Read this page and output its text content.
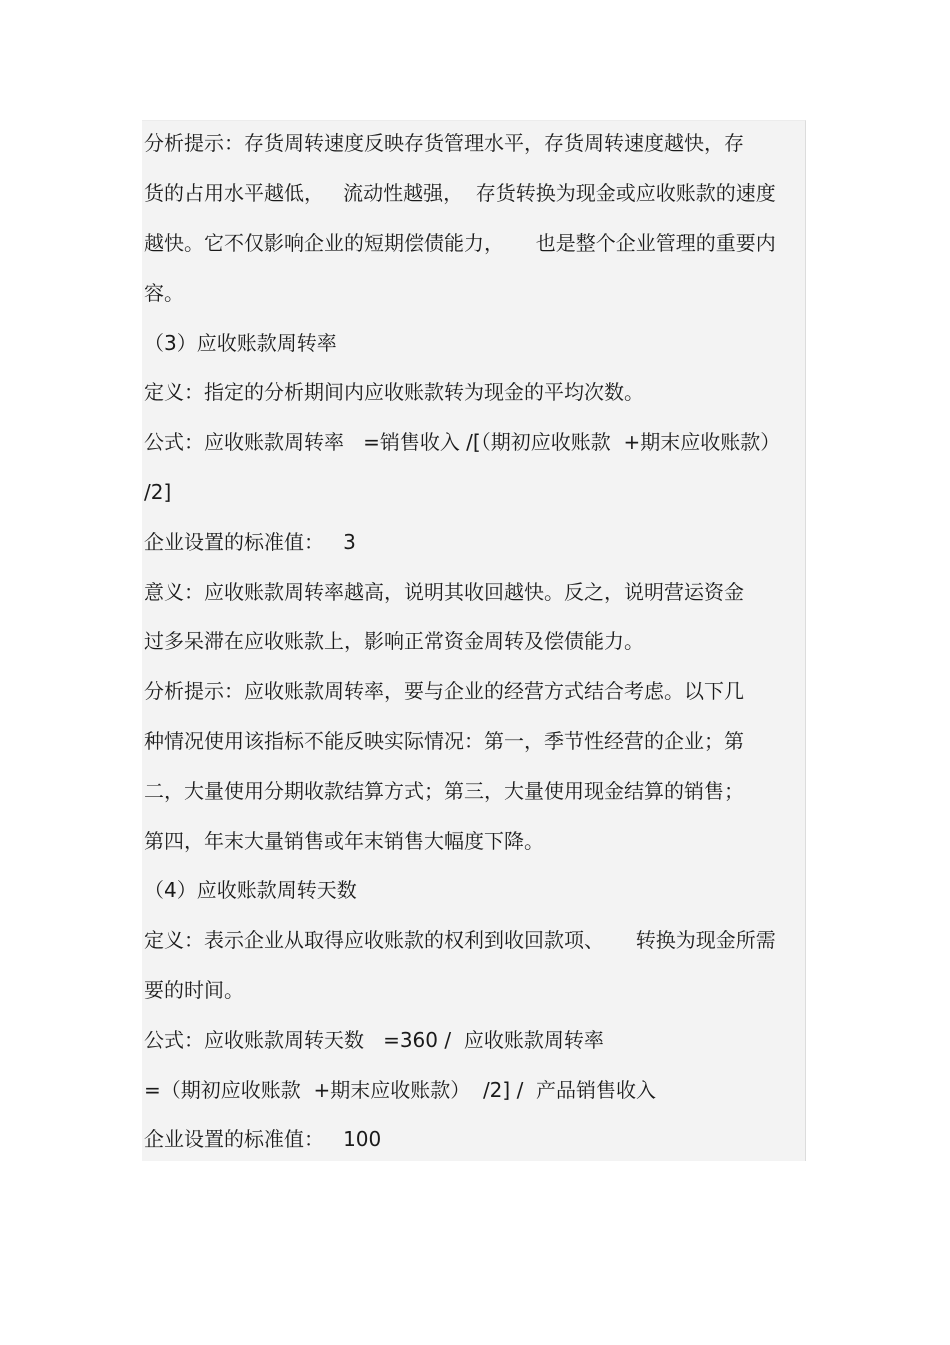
分析提示：存货周转速度反映存货管理水平，存货周转速度越快，存
货的占用水平越低，   流动性越强，  存货转换为现金或应收账款的速度
越快。它不仅影响企业的短期偿债能力，     也是整个企业管理的重要内
容。
（3）应收账款周转率
定义：指定的分析期间内应收账款转为现金的平均次数。
公式：应收账款周转率   =销售收入 /[（期初应收账款  +期末应收账款）
/2]
企业设置的标准值：   3
意义：应收账款周转率越高，说明其收回越快。反之，说明营运资金
过多呆滞在应收账款上，影响正常资金周转及偿债能力。
分析提示：应收账款周转率，要与企业的经营方式结合考虑。以下几
种情况使用该指标不能反映实际情况：第一，季节性经营的企业；第
二，大量使用分期收款结算方式；第三，大量使用现金结算的销售；
第四，年末大量销售或年末销售大幅度下降。
（4）应收账款周转天数
定义：表示企业从取得应收账款的权利到收回款项、     转换为现金所需
要的时间。
公式：应收账款周转天数   =360 /  应收账款周转率
=（期初应收账款  +期末应收账款）  /2] /  产品销售收入
企业设置的标准值：   100
